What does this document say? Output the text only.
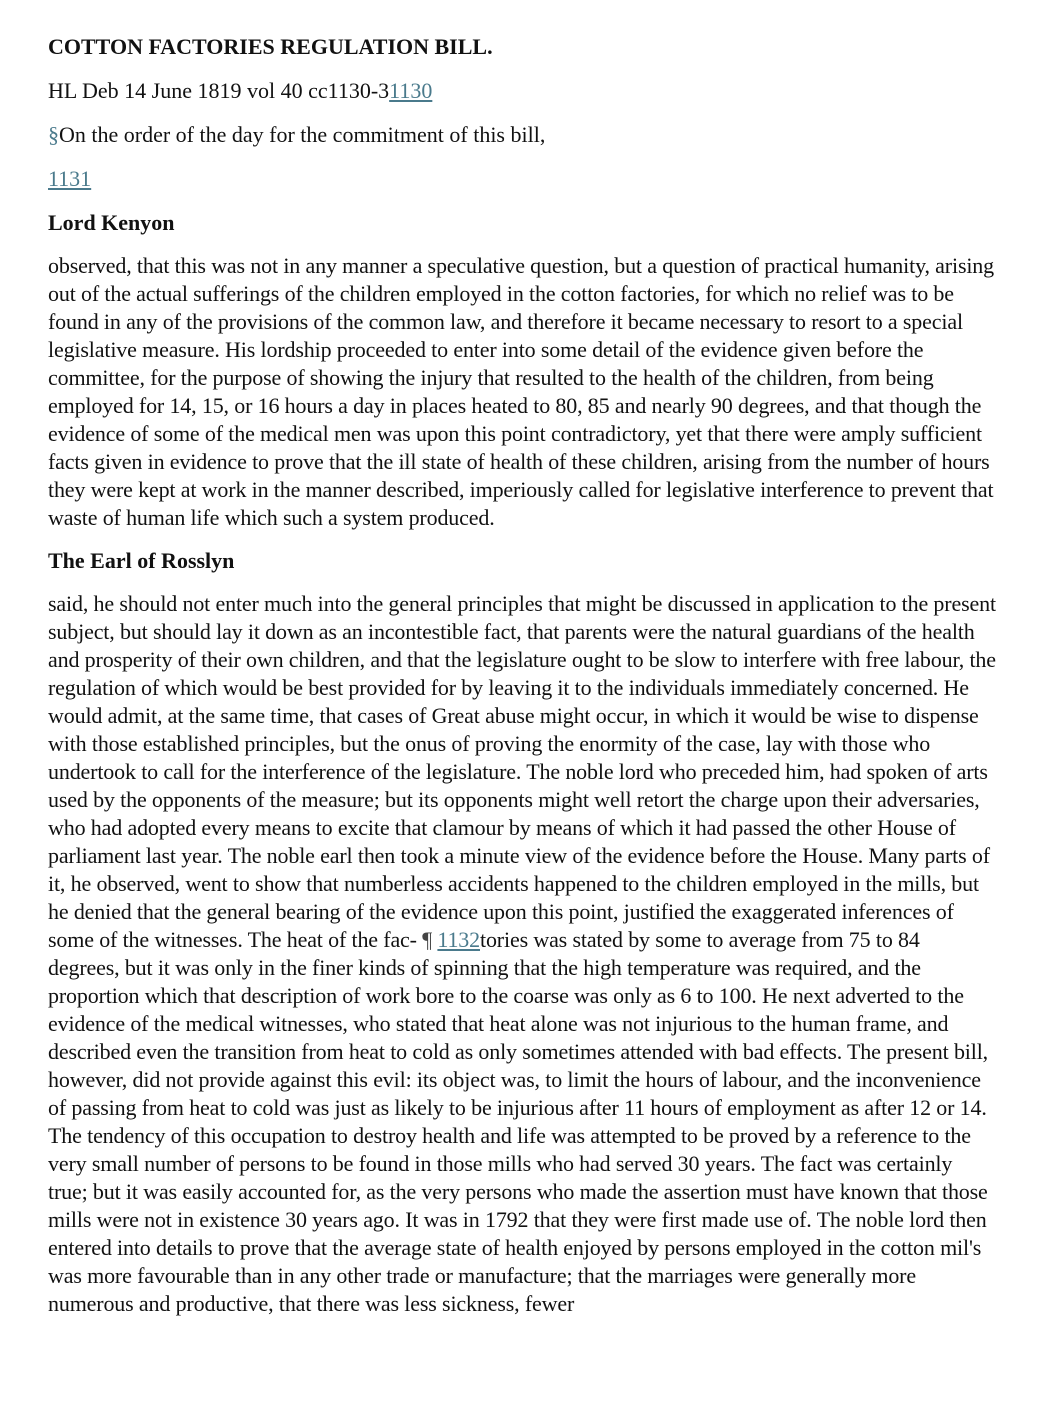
COTTON FACTORIES REGULATION BILL.

HL Deb 14 June 1819 vol 40 cc1130-31130

§On the order of the day for the commitment of this bill,

1131

Lord Kenyon

observed, that this was not in any manner a speculative question, but a question of practical humanity, arising out of the actual sufferings of the children employed in the cotton factories, for which no relief was to be found in any of the provisions of the common law, and therefore it became necessary to resort to a special legislative measure. His lordship proceeded to enter into some detail of the evidence given before the committee, for the purpose of showing the injury that resulted to the health of the children, from being employed for 14, 15, or 16 hours a day in places heated to 80, 85 and nearly 90 degrees, and that though the evidence of some of the medical men was upon this point contradictory, yet that there were amply sufficient facts given in evidence to prove that the ill state of health of these children, arising from the number of hours they were kept at work in the manner described, imperiously called for legislative interference to prevent that waste of human life which such a system produced.

The Earl of Rosslyn

said, he should not enter much into the general principles that might be discussed in application to the present subject, but should lay it down as an incontestible fact, that parents were the natural guardians of the health and prosperity of their own children, and that the legislature ought to be slow to interfere with free labour, the regulation of which would be best provided for by leaving it to the individuals immediately concerned. He would admit, at the same time, that cases of Great abuse might occur, in which it would be wise to dispense with those established principles, but the onus of proving the enormity of the case, lay with those who undertook to call for the interference of the legislature. The noble lord who preceded him, had spoken of arts used by the opponents of the measure; but its opponents might well retort the charge upon their adversaries, who had adopted every means to excite that clamour by means of which it had passed the other House of parliament last year. The noble earl then took a minute view of the evidence before the House. Many parts of it, he observed, went to show that numberless accidents happened to the children employed in the mills, but he denied that the general bearing of the evidence upon this point, justified the exaggerated inferences of some of the witnesses. The heat of the fac- ¶ 1132tories was stated by some to average from 75 to 84 degrees, but it was only in the finer kinds of spinning that the high temperature was required, and the proportion which that description of work bore to the coarse was only as 6 to 100. He next adverted to the evidence of the medical witnesses, who stated that heat alone was not injurious to the human frame, and described even the transition from heat to cold as only sometimes attended with bad effects. The present bill, however, did not provide against this evil: its object was, to limit the hours of labour, and the inconvenience of passing from heat to cold was just as likely to be injurious after 11 hours of employment as after 12 or 14. The tendency of this occupation to destroy health and life was attempted to be proved by a reference to the very small number of persons to be found in those mills who had served 30 years. The fact was certainly true; but it was easily accounted for, as the very persons who made the assertion must have known that those mills were not in existence 30 years ago. It was in 1792 that they were first made use of. The noble lord then entered into details to prove that the average state of health enjoyed by persons employed in the cotton mil's was more favourable than in any other trade or manufacture; that the marriages were generally more numerous and productive, that there was less sickness, fewer
